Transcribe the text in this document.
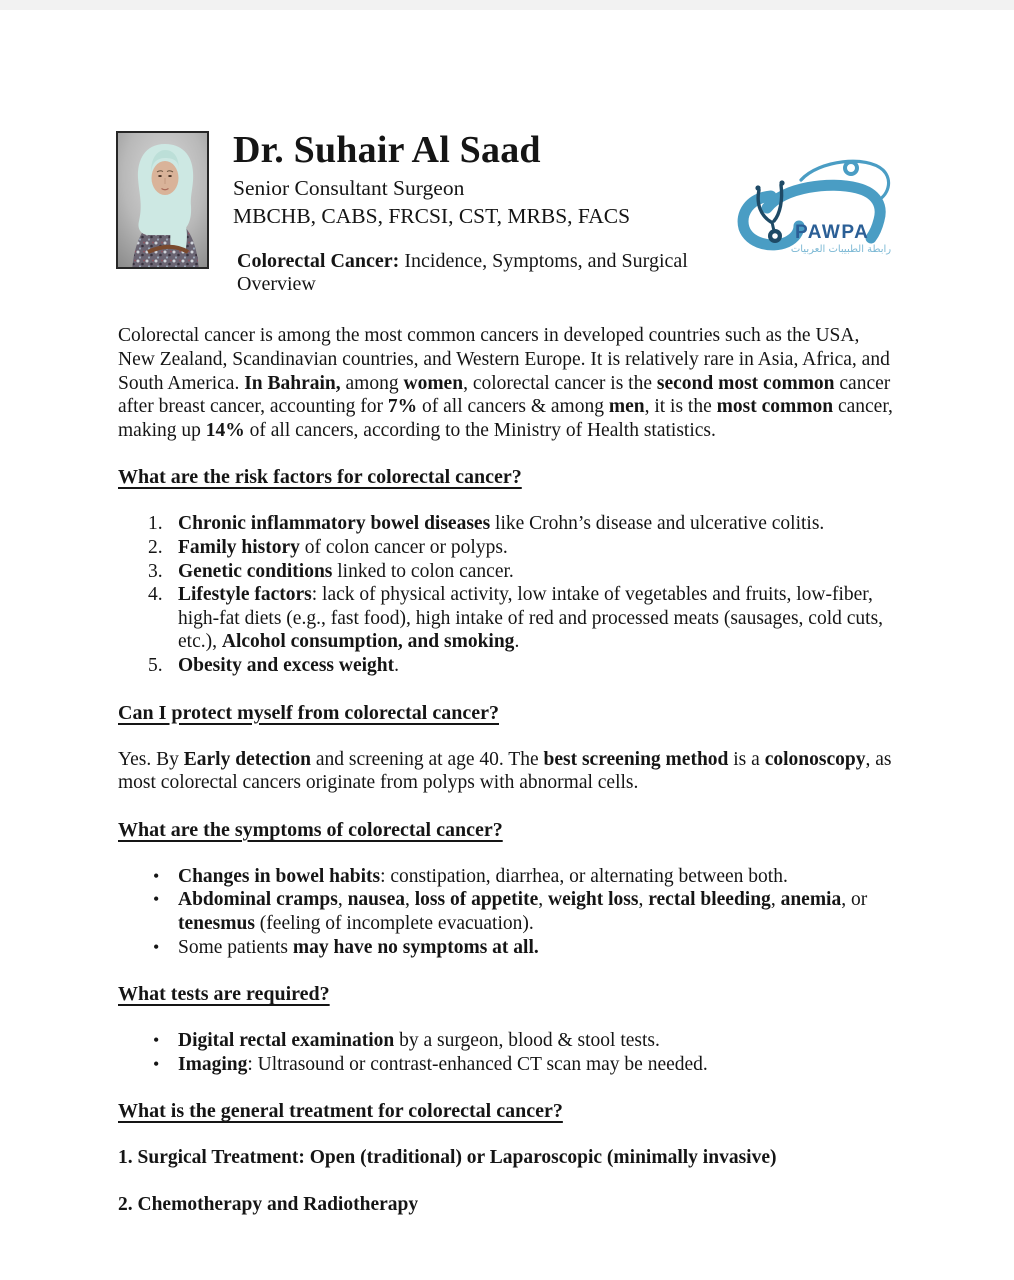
Dr. Suhair Al Saad
Senior Consultant Surgeon
MBCHB, CABS, FRCSI, CST, MRBS, FACS
Colorectal Cancer: Incidence, Symptoms, and Surgical Overview
PAWPA
رابطة الطبيبات العربيات

Colorectal cancer is among the most common cancers in developed countries such as the USA, New Zealand, Scandinavian countries, and Western Europe. It is relatively rare in Asia, Africa, and South America. In Bahrain, among women, colorectal cancer is the second most common cancer after breast cancer, accounting for 7% of all cancers & among men, it is the most common cancer, making up 14% of all cancers, according to the Ministry of Health statistics.

What are the risk factors for colorectal cancer?
Chronic inflammatory bowel diseases like Crohn’s disease and ulcerative colitis.
Family history of colon cancer or polyps.
Genetic conditions linked to colon cancer.
Lifestyle factors: lack of physical activity, low intake of vegetables and fruits, low-fiber, high-fat diets (e.g., fast food), high intake of red and processed meats (sausages, cold cuts, etc.), Alcohol consumption, and smoking.
Obesity and excess weight.
Can I protect myself from colorectal cancer?

Yes. By Early detection and screening at age 40. The best screening method is a colonoscopy, as most colorectal cancers originate from polyps with abnormal cells.

What are the symptoms of colorectal cancer?
• Changes in bowel habits: constipation, diarrhea, or alternating between both.
• Abdominal cramps, nausea, loss of appetite, weight loss, rectal bleeding, anemia, or tenesmus (feeling of incomplete evacuation).
• Some patients may have no symptoms at all.
What tests are required?
• Digital rectal examination by a surgeon, blood & stool tests.
• Imaging: Ultrasound or contrast-enhanced CT scan may be needed.
What is the general treatment for colorectal cancer?

1. Surgical Treatment: Open (traditional) or Laparoscopic (minimally invasive)

2. Chemotherapy and Radiotherapy
